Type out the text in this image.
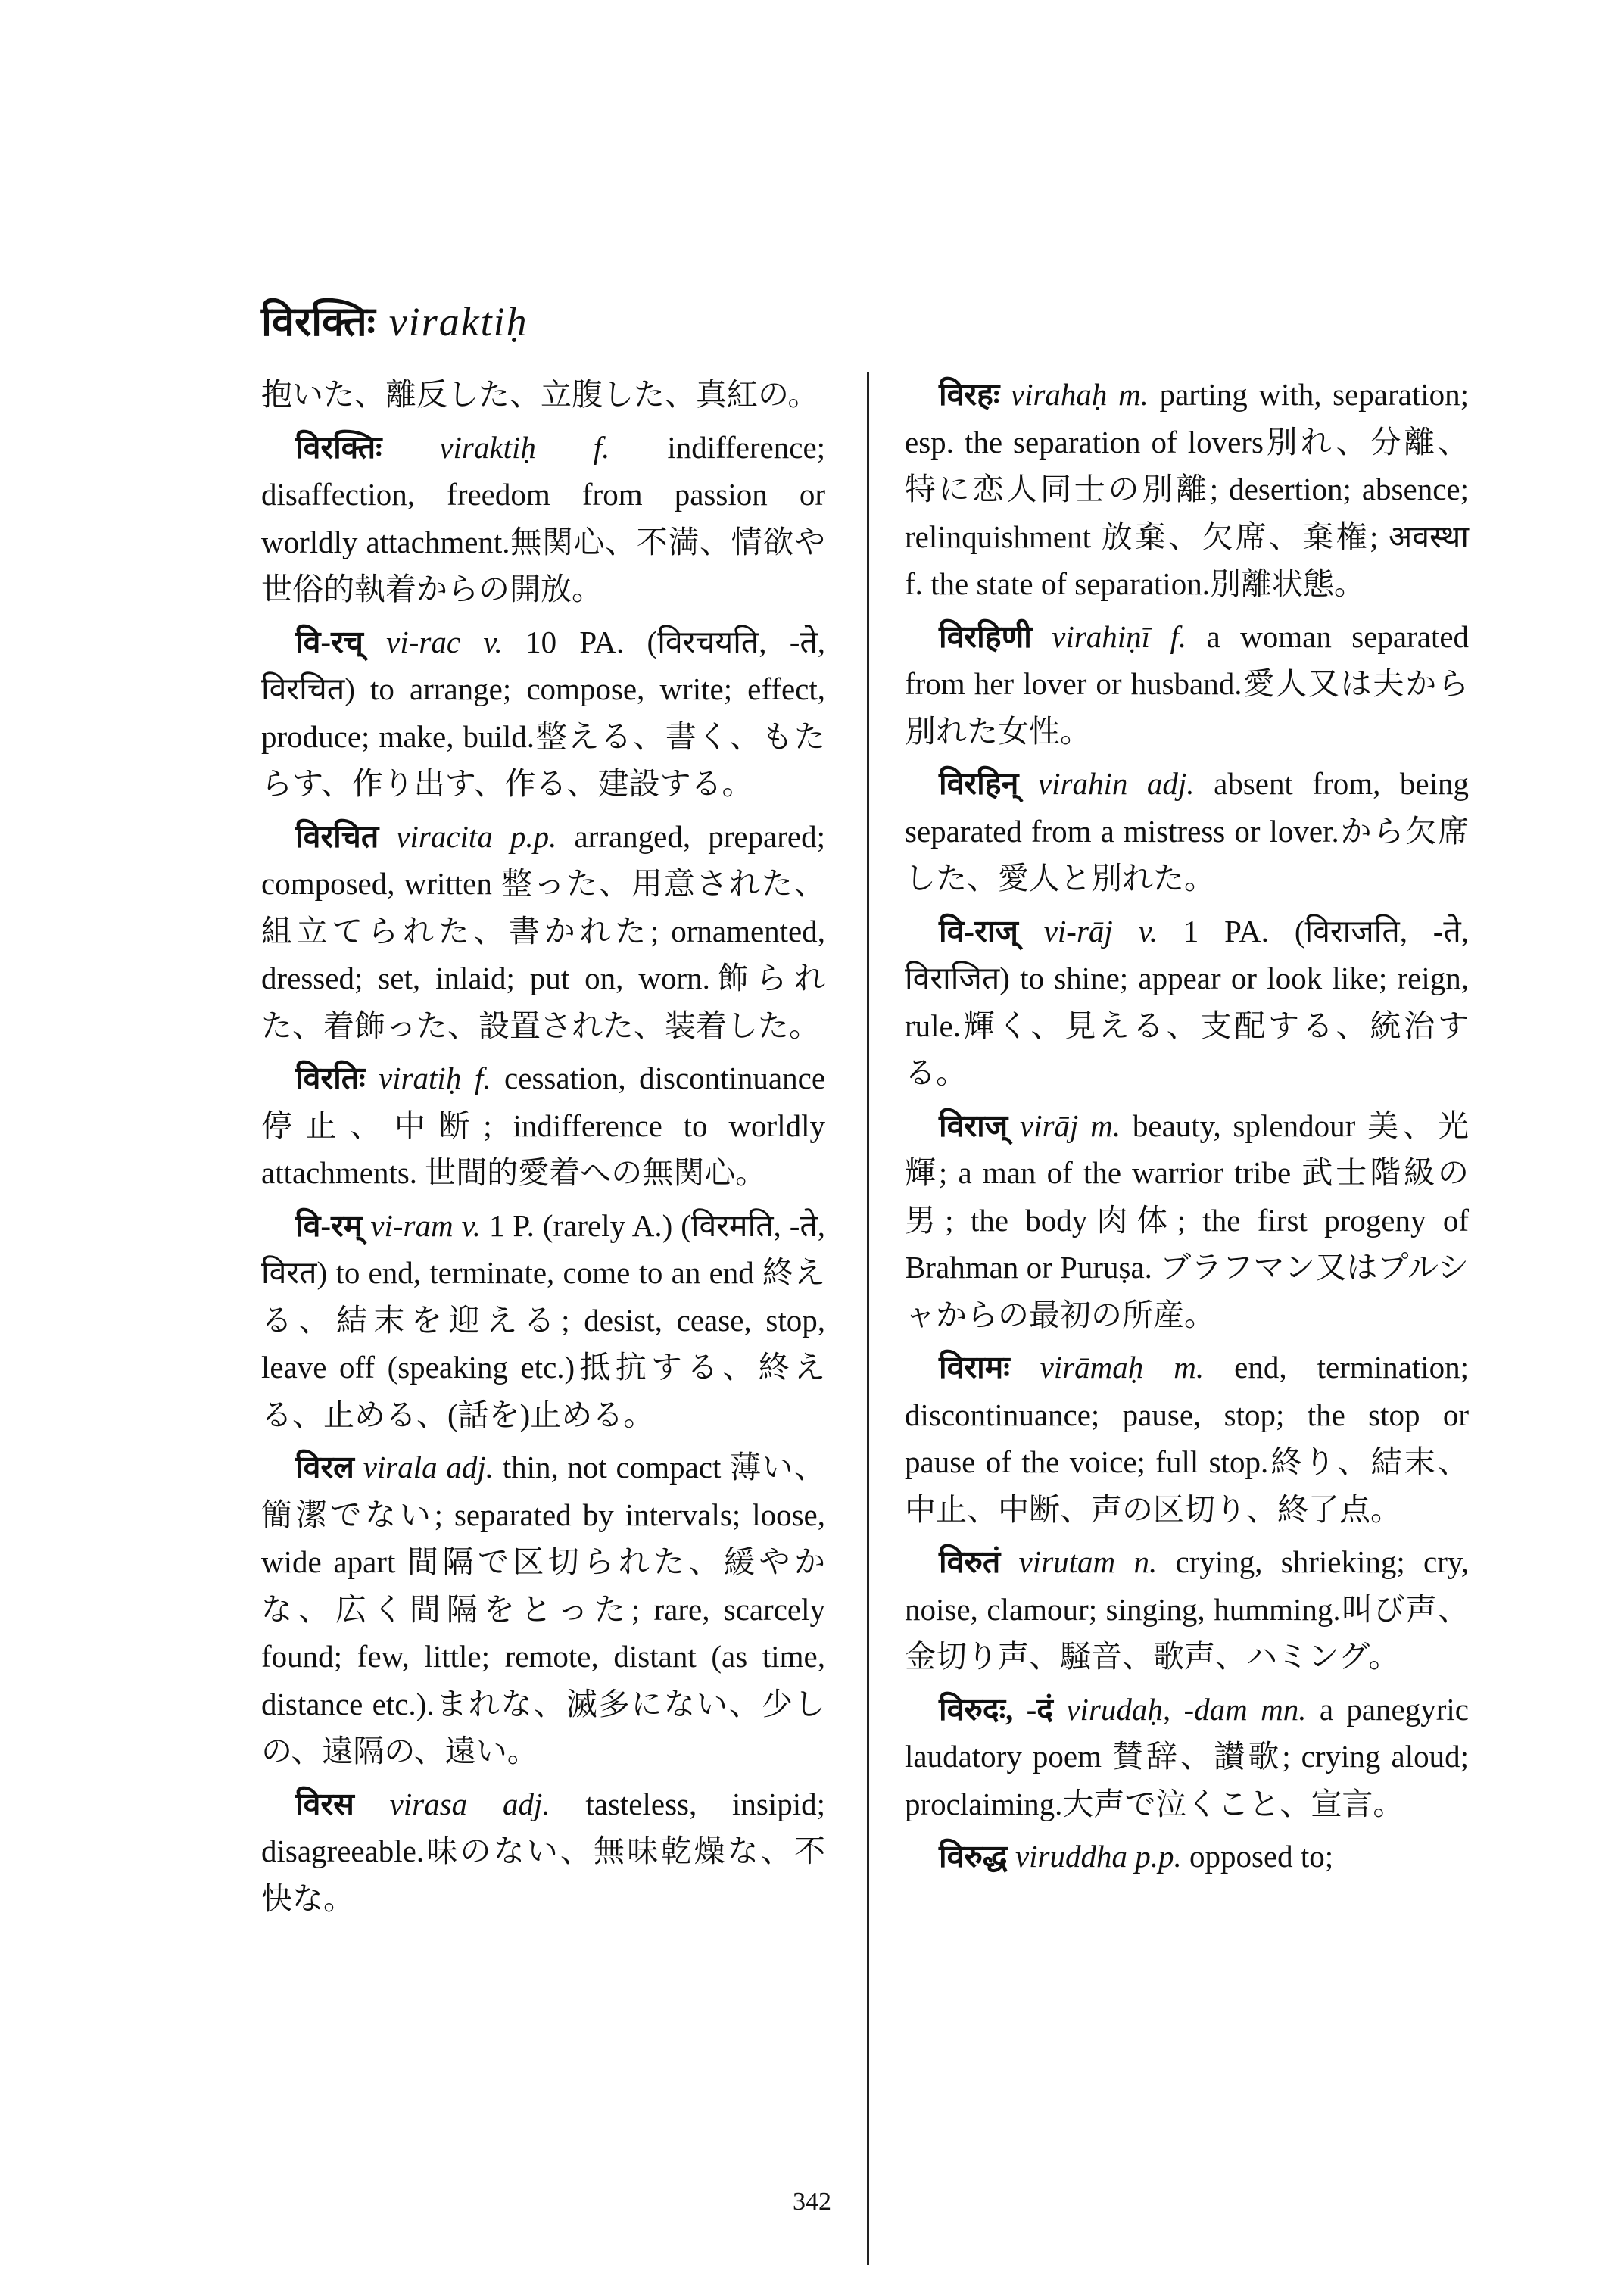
विरक्तिः viraktiḥ

抱いた、離反した、立腹した、真紅の。

विरक्तिः viraktiḥ f. indifference; disaffection, freedom from passion or worldly attachment.無関心、不満、情欲や世俗的執着からの開放。

वि-रच् vi-rac v. 10 PA. (विरचयति, -ते, विरचित) to arrange; compose, write; effect, produce; make, build.整える、書く、もたらす、作り出す、作る、建設する。

विरचित viracita p.p. arranged, prepared; composed, written 整った、用意された、組立てられた、書かれた; ornamented, dressed; set, inlaid; put on, worn.飾られた、着飾った、設置された、装着した。

विरतिः viratiḥ f. cessation, discontinuance停止、中断; indifference to worldly attachments. 世間的愛着への無関心。

वि-रम् vi-ram v. 1 P. (rarely A.) (विरमति, -ते, विरत) to end, terminate, come to an end 終える、結末を迎える; desist, cease, stop, leave off (speaking etc.)抵抗する、終える、止める、(話を)止める。

विरल virala adj. thin, not compact 薄い、簡潔でない; separated by intervals; loose, wide apart 間隔で区切られた、緩やかな、広く間隔をとった; rare, scarcely found; few, little; remote, distant (as time, distance etc.).まれな、滅多にない、少しの、遠隔の、遠い。

विरस virasa adj. tasteless, insipid; disagreeable.味のない、無味乾燥な、不快な。

विरहः virahaḥ m. parting with, separation; esp. the separation of lovers別れ、分離、特に恋人同士の別離; desertion; absence; relinquishment 放棄、欠席、棄権; अवस्था f. the state of separation.別離状態。

विरहिणी virahiṇī f. a woman separated from her lover or husband.愛人又は夫から別れた女性。

विरहिन् virahin adj. absent from, being separated from a mistress or lover.から欠席した、愛人と別れた。

वि-राज् vi-rāj v. 1 PA. (विराजति, -ते, विराजित) to shine; appear or look like; reign, rule.輝く、見える、支配する、統治する。

विराज् virāj m. beauty, splendour 美、光輝; a man of the warrior tribe 武士階級の男; the body肉体; the first progeny of Brahman or Puruṣa. ブラフマン又はプルシャからの最初の所産。

विरामः virāmaḥ m. end, termination; discontinuance; pause, stop; the stop or pause of the voice; full stop.終り、結末、中止、中断、声の区切り、終了点。

विरुतं virutam n. crying, shrieking; cry, noise, clamour; singing, humming.叫び声、金切り声、騒音、歌声、ハミング。

विरुदः, -दं virudaḥ, -dam mn. a panegyric laudatory poem 賛辞、讃歌; crying aloud; proclaiming.大声で泣くこと、宣言。

विरुद्ध viruddha p.p. opposed to;

342
